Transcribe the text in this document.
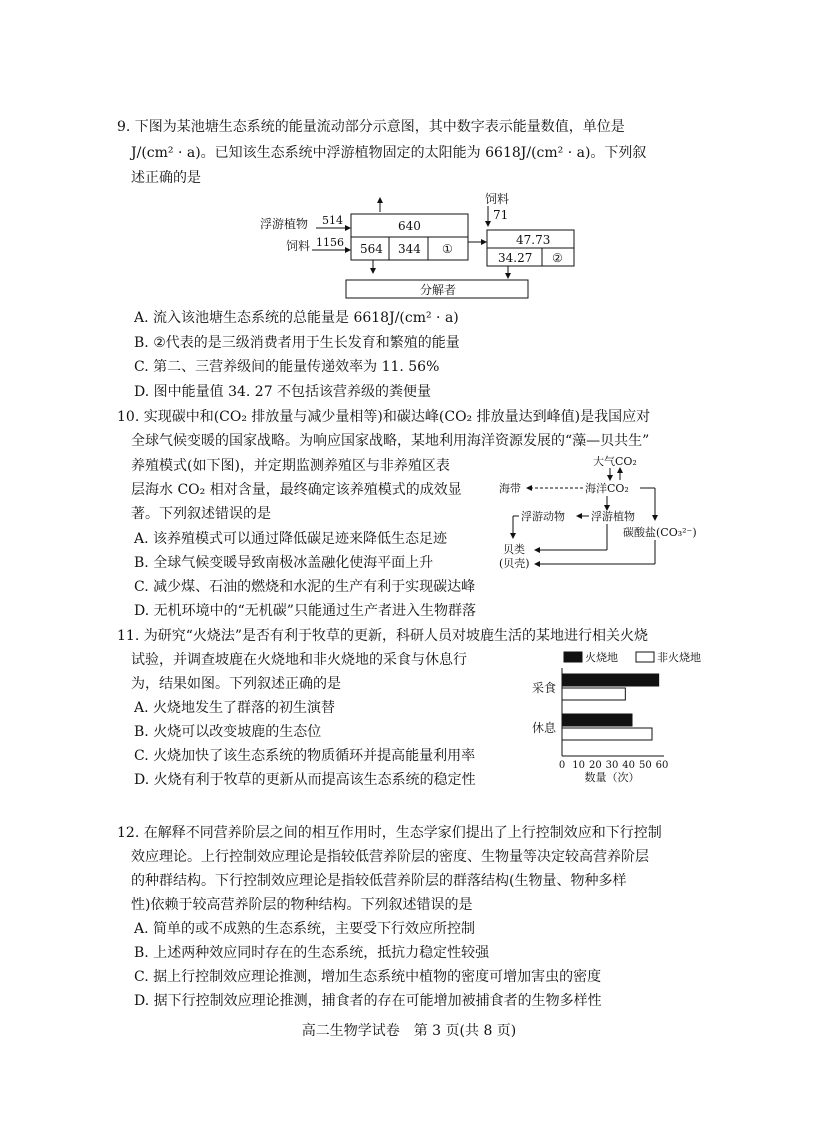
9. 下图为某池塘生态系统的能量流动部分示意图，其中数字表示能量数值，单位是
J/(cm² · a)。已知该生态系统中浮游植物固定的太阳能为 6618J/(cm² · a)。下列叙
述正确的是
饲料
71
浮游植物 514
饲料 1156
640
564 344 ①
47.73
34.27 ②
分解者
A. 流入该池塘生态系统的总能量是 6618J/(cm² · a)
B. ②代表的是三级消费者用于生长发育和繁殖的能量
C. 第二、三营养级间的能量传递效率为 11. 56%
D. 图中能量值 34. 27 不包括该营养级的粪便量
10. 实现碳中和(CO₂ 排放量与减少量相等)和碳达峰(CO₂ 排放量达到峰值)是我国应对
全球气候变暖的国家战略。为响应国家战略，某地利用海洋资源发展的“藻—贝共生”
养殖模式(如下图)，并定期监测养殖区与非养殖区表
层海水 CO₂ 相对含量，最终确定该养殖模式的成效显
著。下列叙述错误的是
大气CO₂
海洋CO₂
海带
浮游植物
浮游动物
碳酸盐(CO₃²⁻)
贝类
(贝壳)
A. 该养殖模式可以通过降低碳足迹来降低生态足迹
B. 全球气候变暖导致南极冰盖融化使海平面上升
C. 减少煤、石油的燃烧和水泥的生产有利于实现碳达峰
D. 无机环境中的“无机碳”只能通过生产者进入生物群落
11. 为研究“火烧法”是否有利于牧草的更新，科研人员对坡鹿生活的某地进行相关火烧
试验，并调查坡鹿在火烧地和非火烧地的采食与休息行
为，结果如图。下列叙述正确的是
A. 火烧地发生了群落的初生演替
B. 火烧可以改变坡鹿的生态位
C. 火烧加快了该生态系统的物质循环并提高能量利用率
D. 火烧有利于牧草的更新从而提高该生态系统的稳定性
火烧地	非火烧地
采食
休息
0 10 20 30 40 50 60
数量（次）
12. 在解释不同营养阶层之间的相互作用时，生态学家们提出了上行控制效应和下行控制
效应理论。上行控制效应理论是指较低营养阶层的密度、生物量等决定较高营养阶层
的种群结构。下行控制效应理论是指较低营养阶层的群落结构(生物量、物种多样
性)依赖于较高营养阶层的物种结构。下列叙述错误的是
A. 简单的或不成熟的生态系统，主要受下行效应所控制
B. 上述两种效应同时存在的生态系统，抵抗力稳定性较强
C. 据上行控制效应理论推测，增加生态系统中植物的密度可增加害虫的密度
D. 据下行控制效应理论推测，捕食者的存在可能增加被捕食者的生物多样性
高二生物学试卷　第 3 页(共 8 页)
